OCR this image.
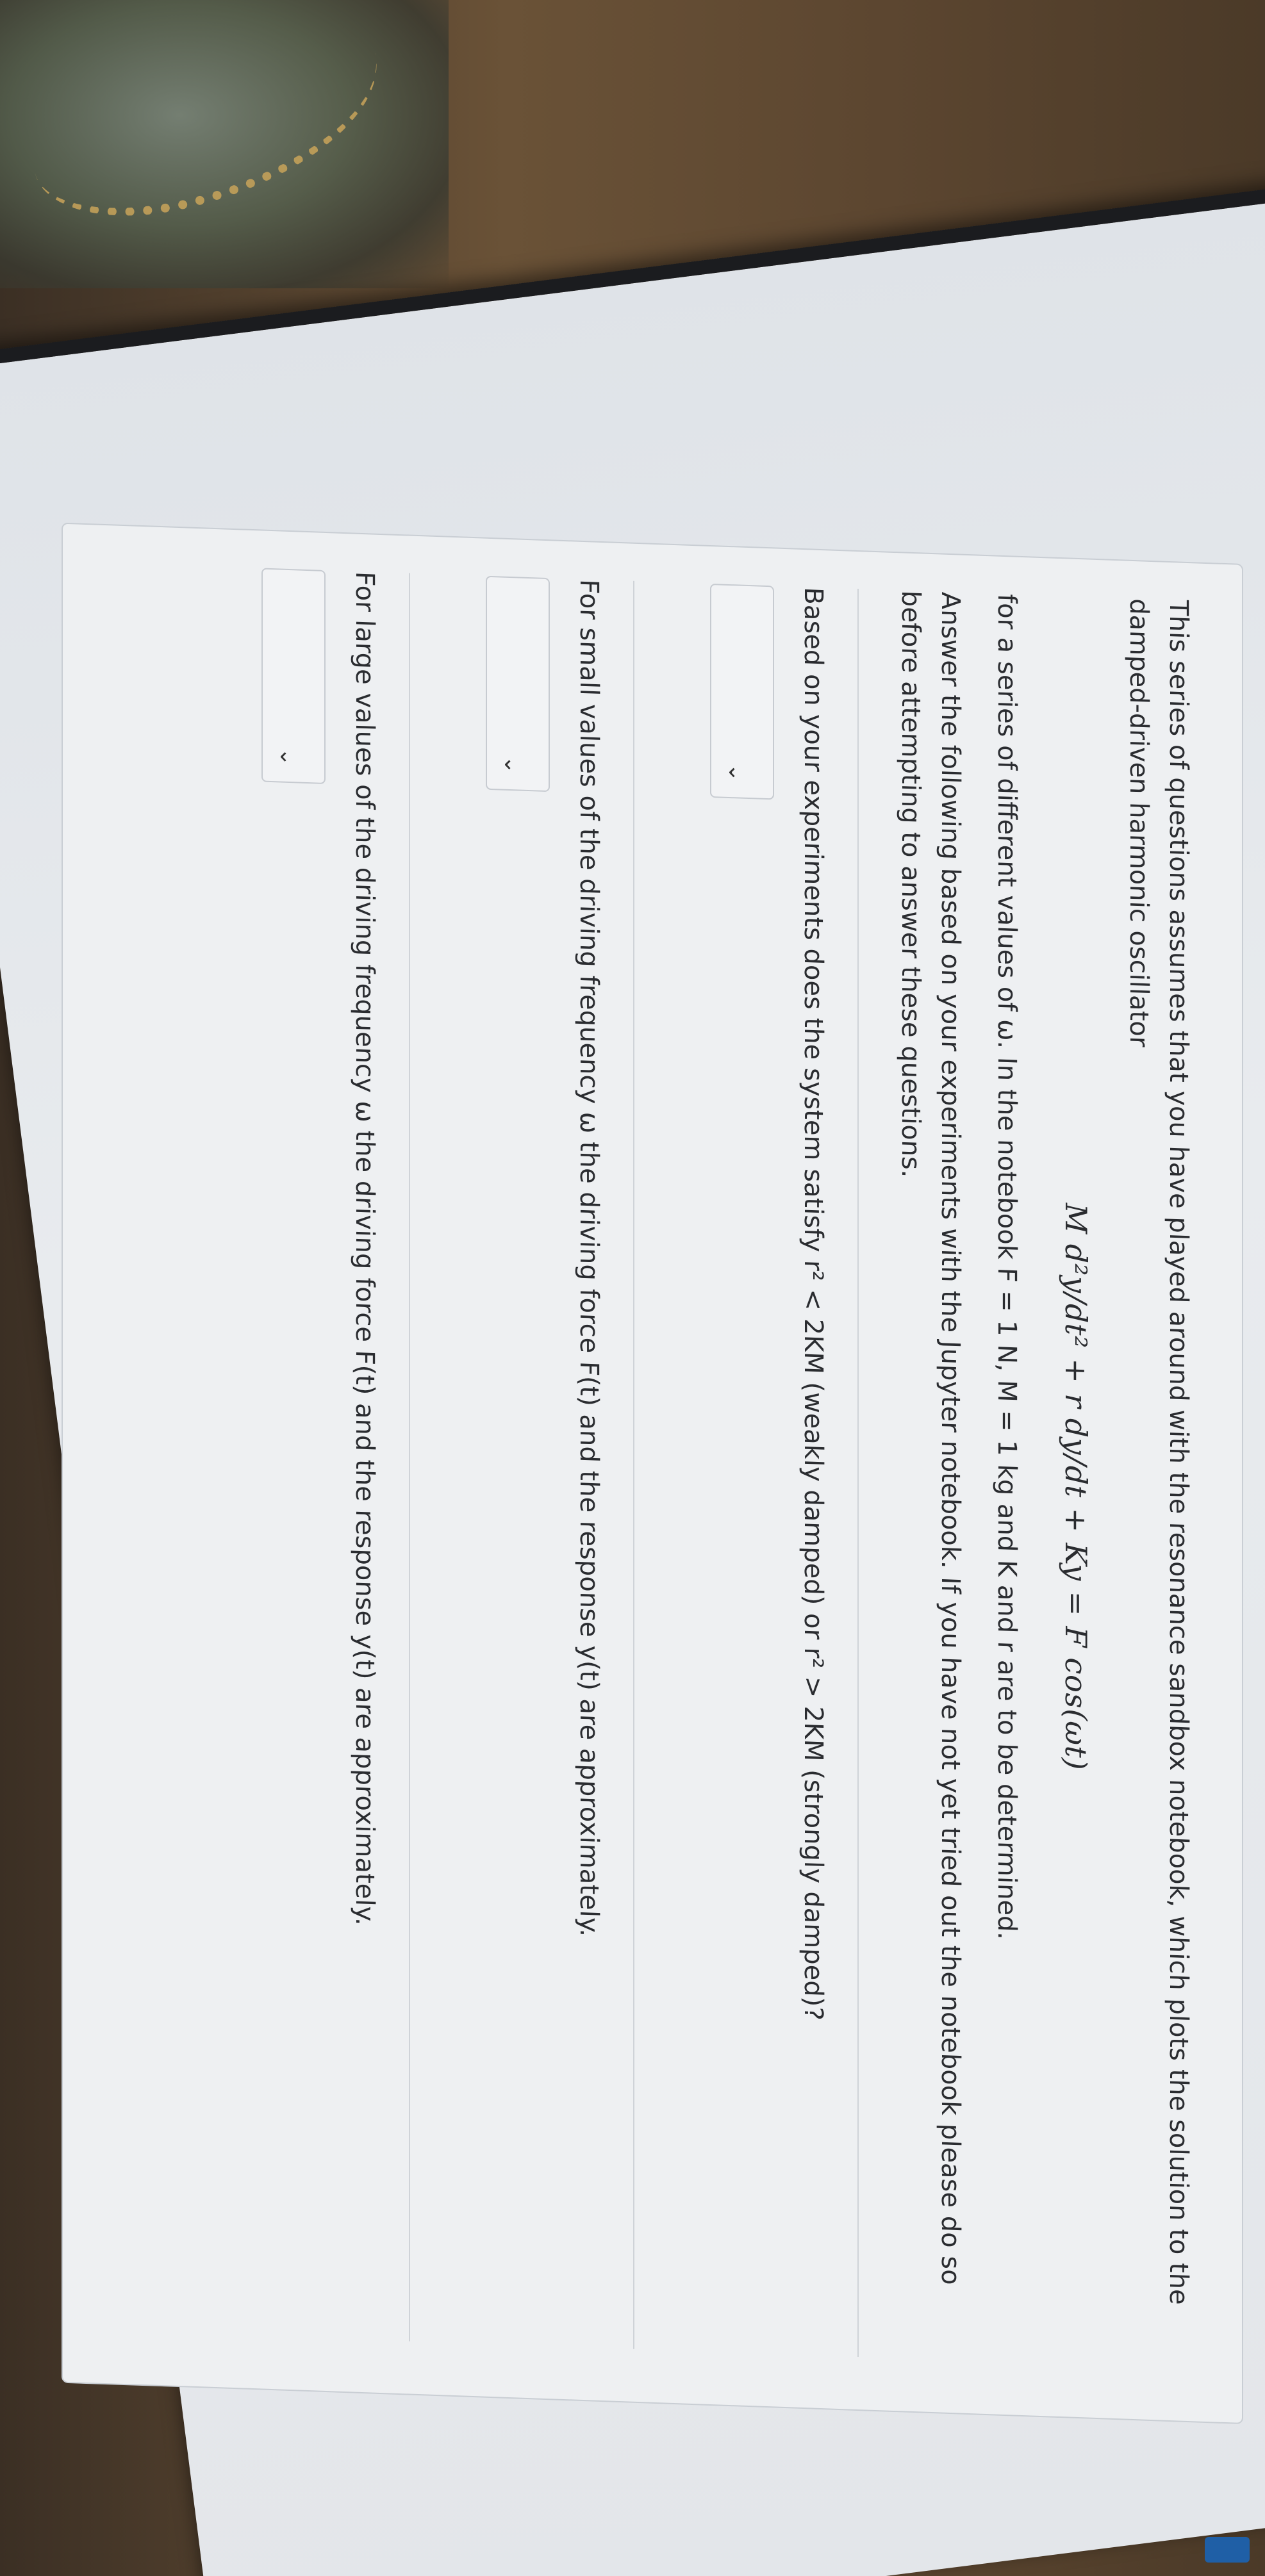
This series of questions assumes that you have played around with the resonance sandbox notebook, which plots the solution to the damped-driven harmonic oscillator

M d²y/dt² + r dy/dt + Ky = F cos(ωt)

for a series of different values of ω. In the notebook F = 1 N, M = 1 kg and K and r are to be determined.

Answer the following based on your experiments with the Jupyter notebook. If you have not yet tried out the notebook please do so before attempting to answer these questions.

Based on your experiments does the system satisfy r² < 2KM (weakly damped) or r² > 2KM (strongly damped)?

⌄

For small values of the driving frequency ω the driving force F(t) and the response y(t) are approximately.

⌄

For large values of the driving frequency ω the driving force F(t) and the response y(t) are approximately.

⌄
